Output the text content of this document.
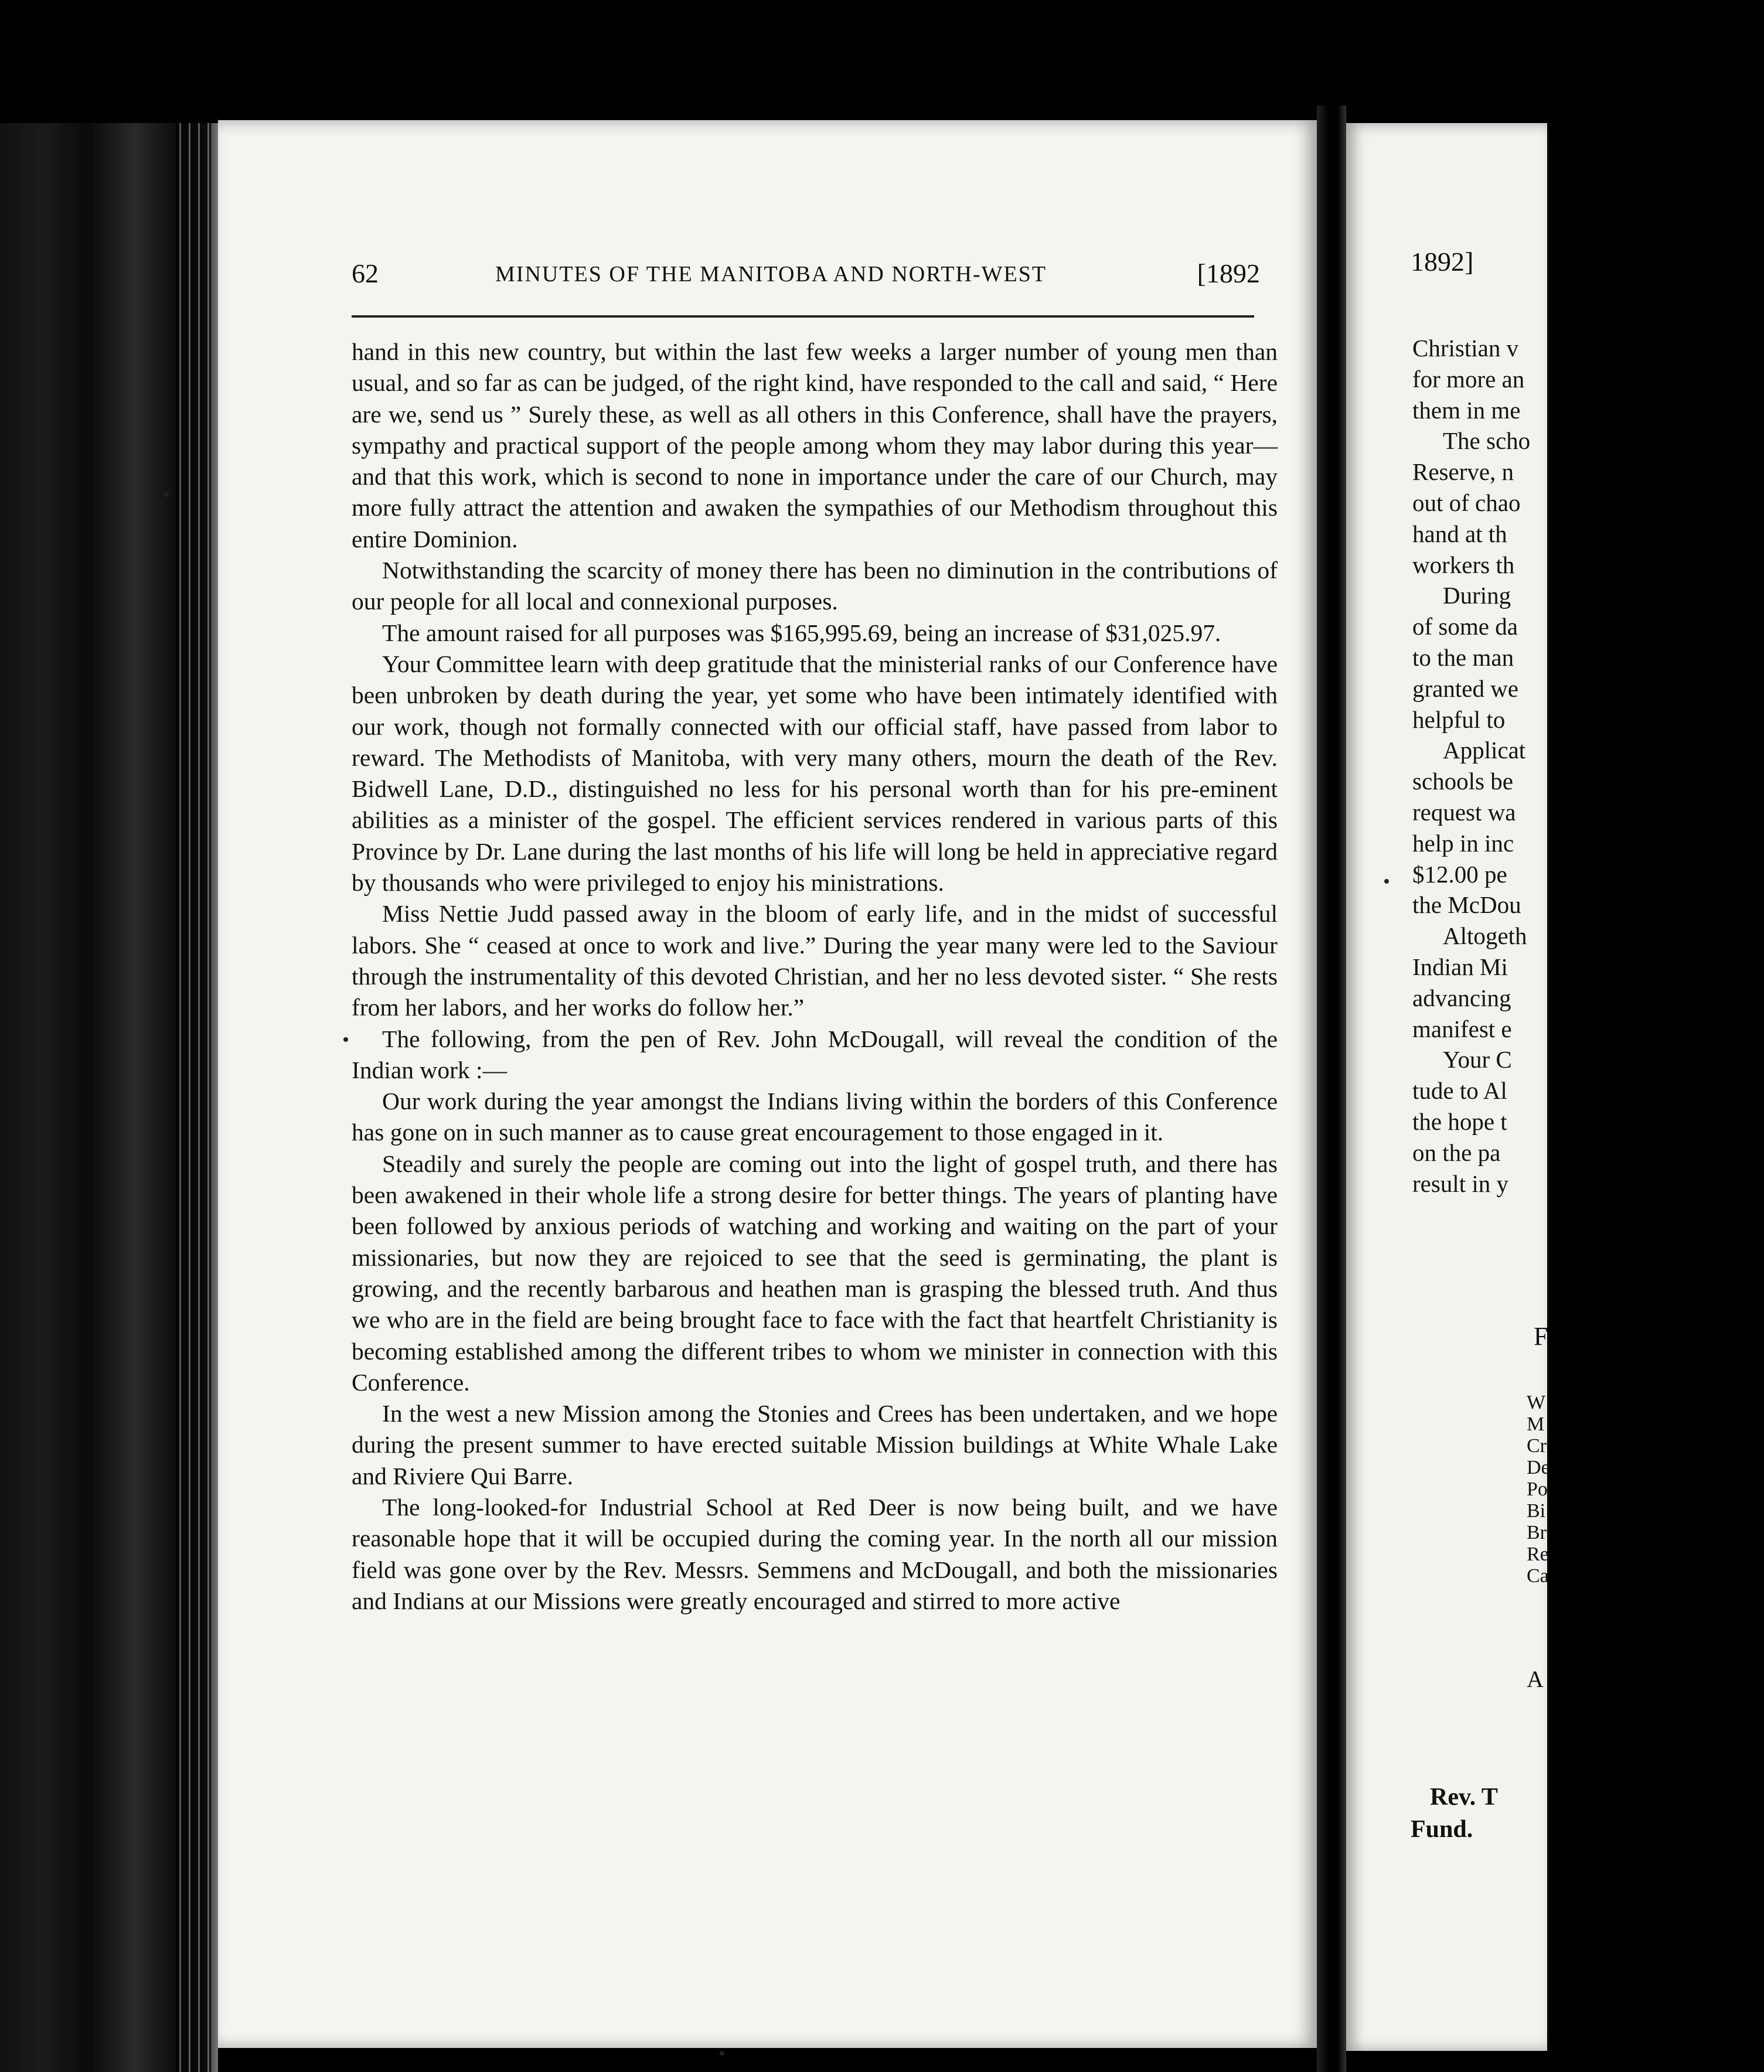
62	MINUTES OF THE MANITOBA AND NORTH-WEST	[1892

hand in this new country, but within the last few weeks a larger number of young men than usual, and so far as can be judged, of the right kind, have responded to the call and said, “ Here are we, send us ” Surely these, as well as all others in this Conference, shall have the prayers, sympathy and practical support of the people among whom they may labor during this year—and that this work, which is second to none in importance under the care of our Church, may more fully attract the attention and awaken the sympathies of our Methodism throughout this entire Dominion.

Notwithstanding the scarcity of money there has been no diminution in the contributions of our people for all local and connexional purposes.

The amount raised for all purposes was $165,995.69, being an increase of $31,025.97.

Your Committee learn with deep gratitude that the ministerial ranks of our Conference have been unbroken by death during the year, yet some who have been intimately identified with our work, though not formally connected with our official staff, have passed from labor to reward. The Methodists of Manitoba, with very many others, mourn the death of the Rev. Bidwell Lane, D.D., distinguished no less for his personal worth than for his pre-eminent abilities as a minister of the gospel. The efficient services rendered in various parts of this Province by Dr. Lane during the last months of his life will long be held in appreciative regard by thousands who were privileged to enjoy his ministrations.

Miss Nettie Judd passed away in the bloom of early life, and in the midst of successful labors. She “ ceased at once to work and live.” During the year many were led to the Saviour through the instrumentality of this devoted Christian, and her no less devoted sister. “ She rests from her labors, and her works do follow her.”

The following, from the pen of Rev. John McDougall, will reveal the condition of the Indian work :—

Our work during the year amongst the Indians living within the borders of this Conference has gone on in such manner as to cause great encouragement to those engaged in it.

Steadily and surely the people are coming out into the light of gospel truth, and there has been awakened in their whole life a strong desire for better things. The years of planting have been followed by anxious periods of watching and working and waiting on the part of your missionaries, but now they are rejoiced to see that the seed is germinating, the plant is growing, and the recently barbarous and heathen man is grasping the blessed truth. And thus we who are in the field are being brought face to face with the fact that heartfelt Christianity is becoming established among the different tribes to whom we minister in connection with this Conference.

In the west a new Mission among the Stonies and Crees has been undertaken, and we hope during the present summer to have erected suitable Mission buildings at White Whale Lake and Riviere Qui Barre.

The long-looked-for Industrial School at Red Deer is now being built, and we have reasonable hope that it will be occupied during the coming year. In the north all our mission field was gone over by the Rev. Messrs. Semmens and McDougall, and both the missionaries and Indians at our Missions were greatly encouraged and stirred to more active

1892]
Christian v
for more an
them in me
The scho
Reserve, n
out of chao
hand at th
workers th
During
of some da
to the man
granted we
helpful to
Applicat
schools be
request wa
help in inc
$12.00 pe
the McDou
Altogeth
Indian Mi
advancing
manifest e
Your C
tude to Al
the hope t
on the pa
result in y
F
W
M
Cr
De
Po
Bi
Br
Re
Ca
A
Rev. T
Fund.
